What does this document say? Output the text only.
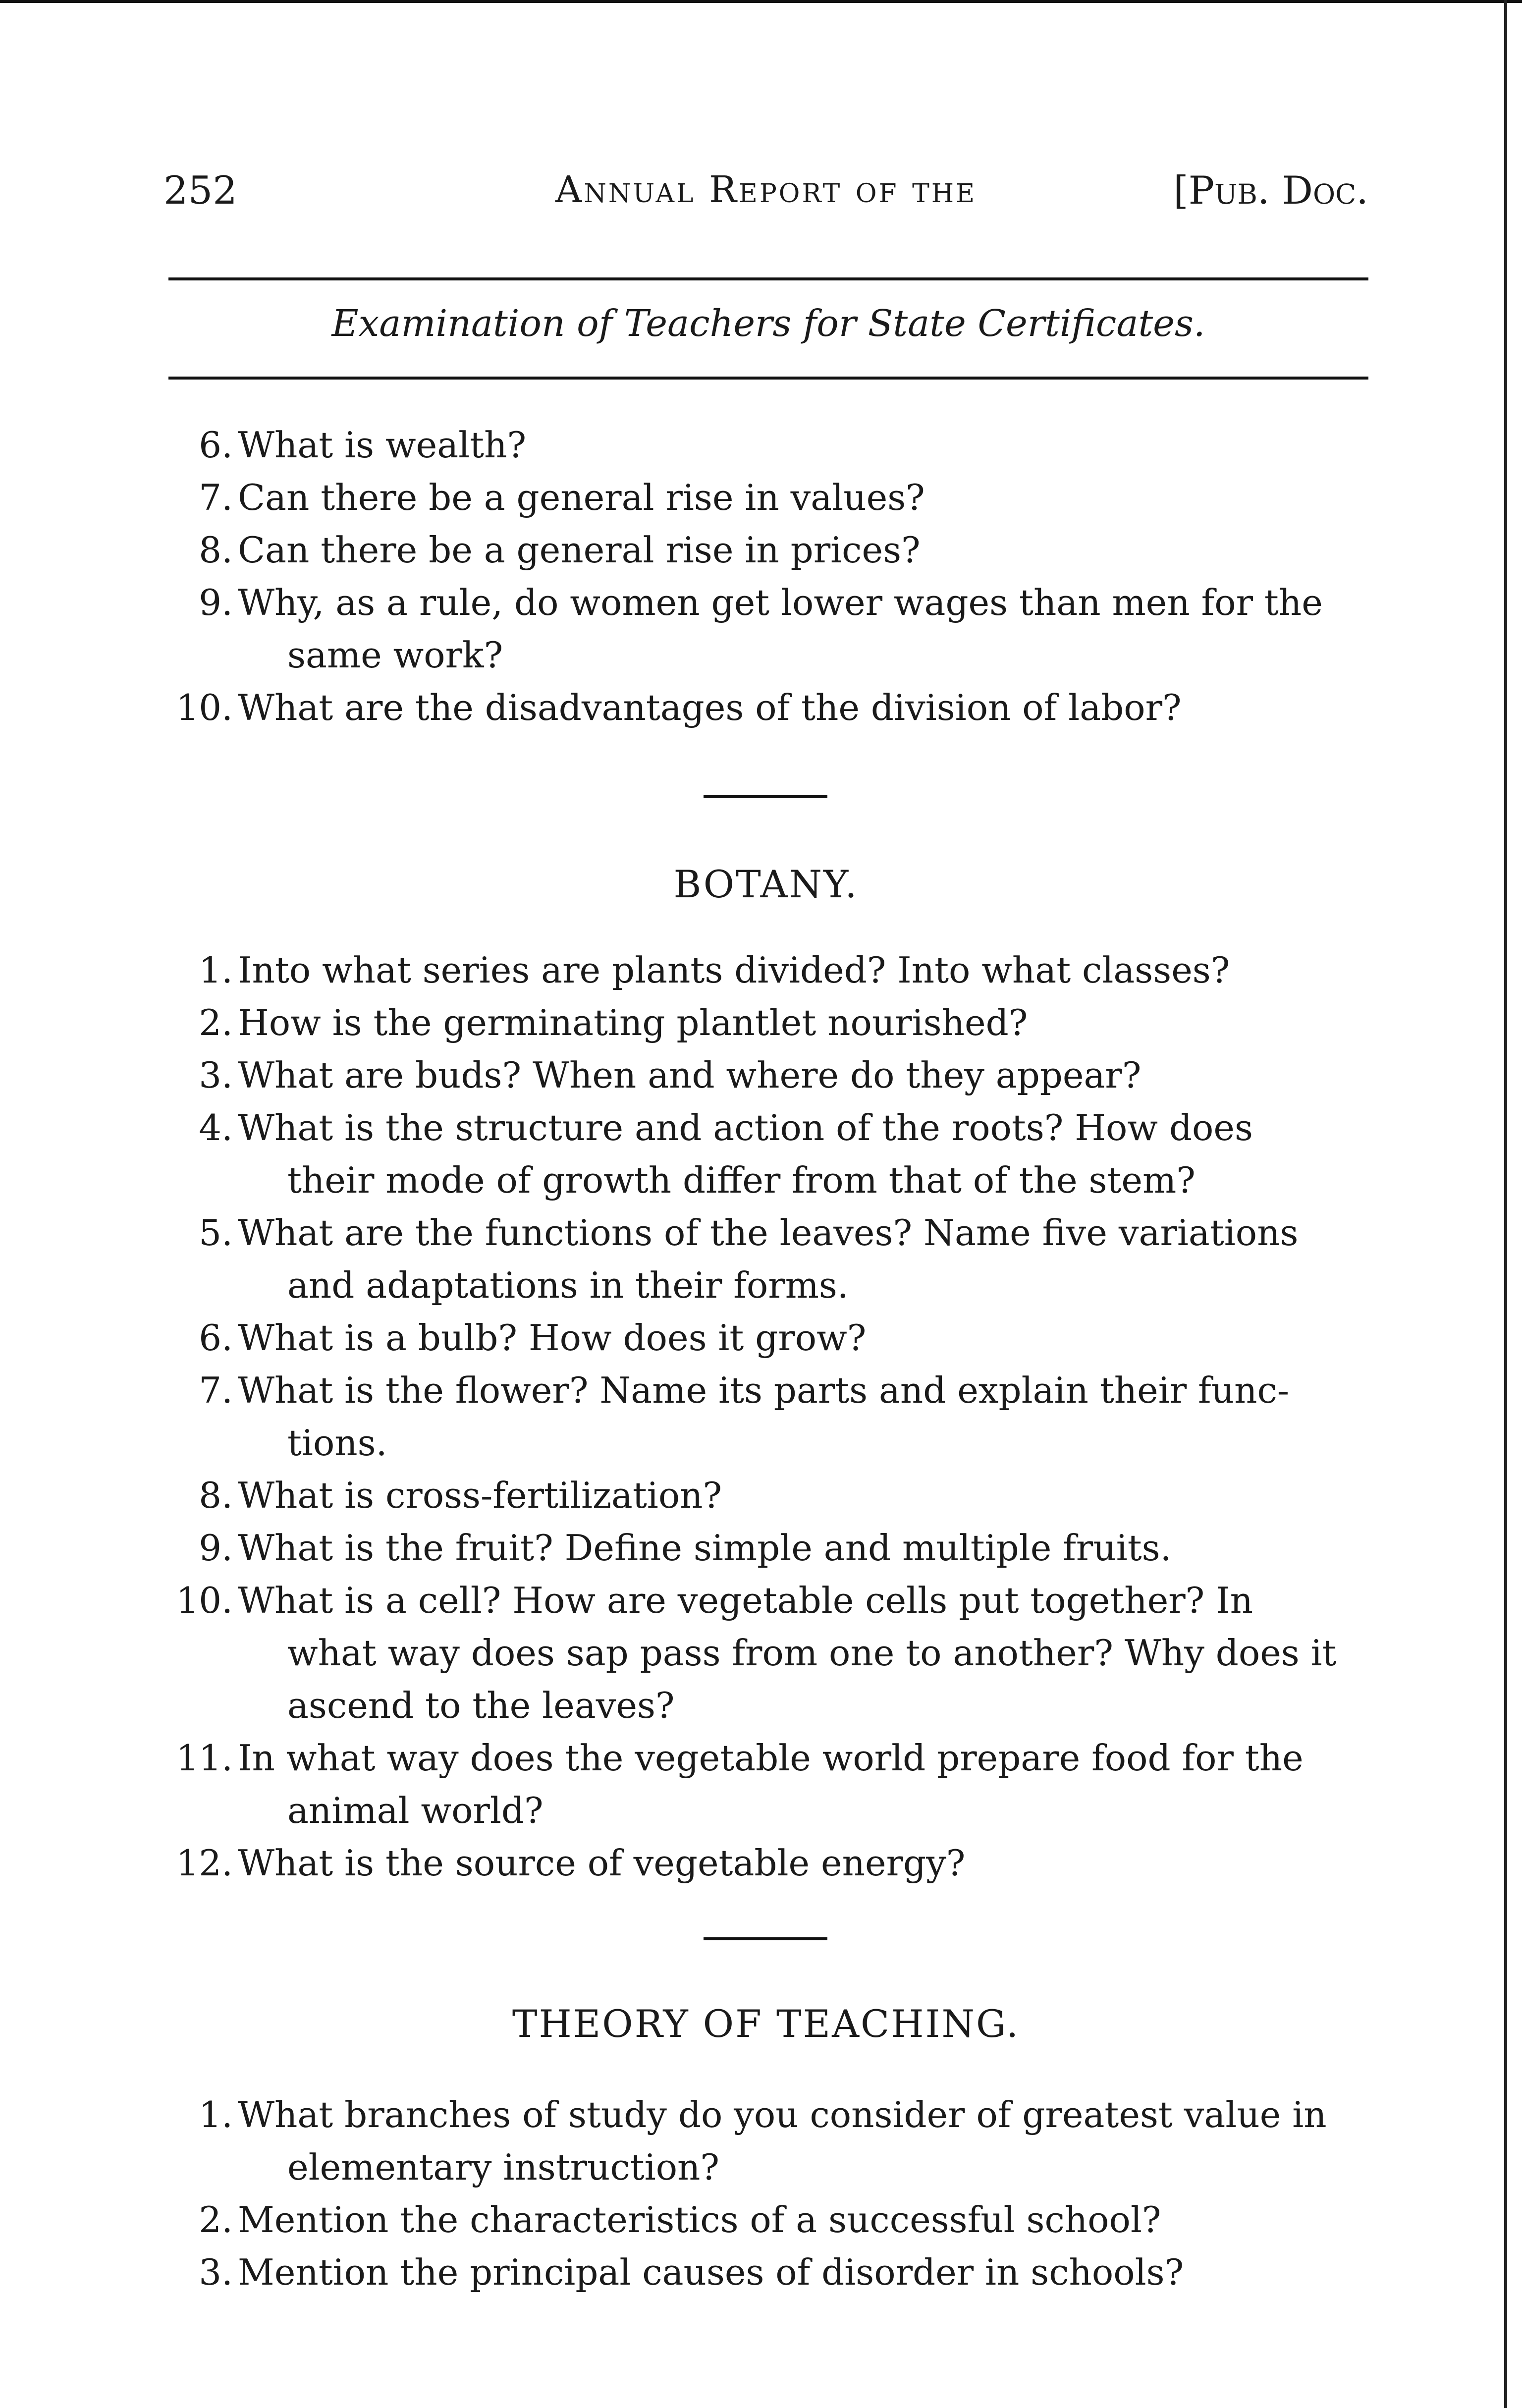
252	Annual Report of the	[Pub. Doc.
Examination of Teachers for State Certificates.
6. What is wealth?
7. Can there be a general rise in values?
8. Can there be a general rise in prices?
9. Why, as a rule, do women get lower wages than men for the
same work?
10. What are the disadvantages of the division of labor?
BOTANY.
1. Into what series are plants divided? Into what classes?
2. How is the germinating plantlet nourished?
3. What are buds? When and where do they appear?
4. What is the structure and action of the roots? How does
their mode of growth differ from that of the stem?
5. What are the functions of the leaves? Name five variations
and adaptations in their forms.
6. What is a bulb? How does it grow?
7. What is the flower? Name its parts and explain their func-
tions.
8. What is cross-fertilization?
9. What is the fruit? Define simple and multiple fruits.
10. What is a cell? How are vegetable cells put together? In
what way does sap pass from one to another? Why does it
ascend to the leaves?
11. In what way does the vegetable world prepare food for the
animal world?
12. What is the source of vegetable energy?
THEORY OF TEACHING.
1. What branches of study do you consider of greatest value in
elementary instruction?
2. Mention the characteristics of a successful school?
3. Mention the principal causes of disorder in schools?
